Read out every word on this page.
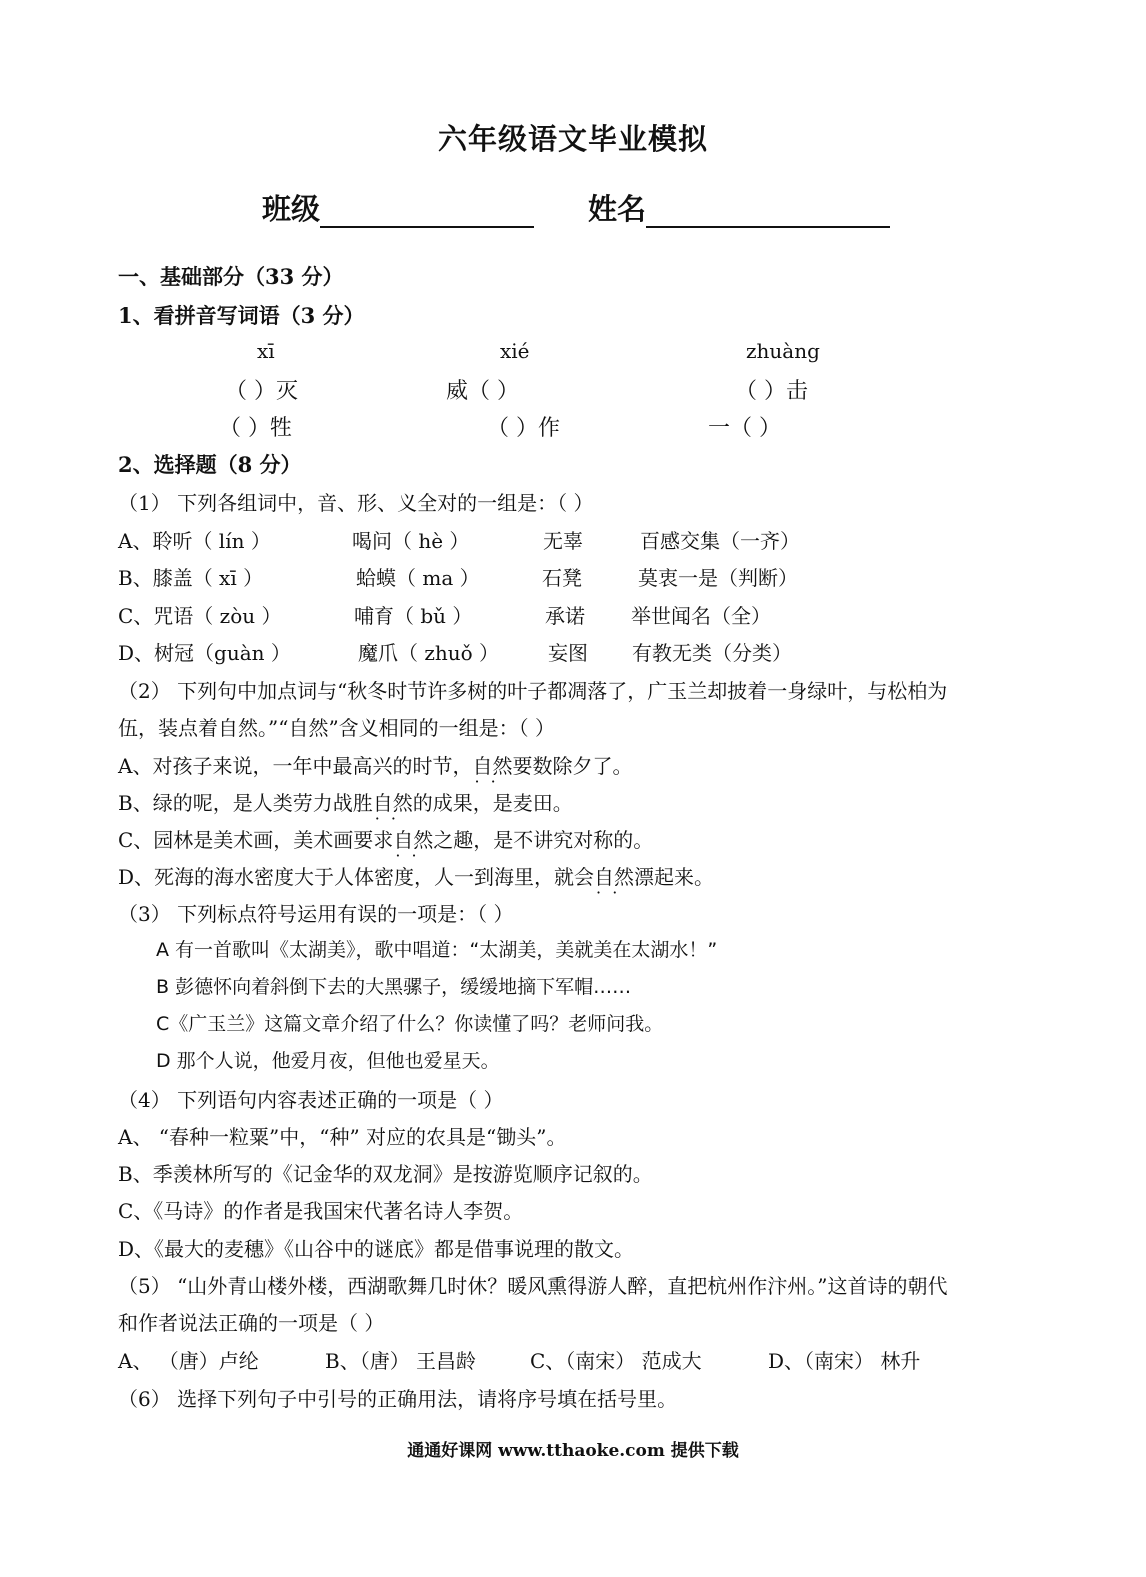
六年级语文毕业模拟
班级	姓名
一、基础部分（33 分）
1、看拼音写词语（3 分）
xī	xié	zhuàng
（ ）灭	威（ ）	（ ）击
（ ）牲	（ ）作	一（ ）
2、选择题（8 分）
（1） 下列各组词中，音、形、义全对的一组是：（ ）
A、聆听（ lín ）	喝问（ hè ）	无辜	百感交集（一齐）
B、膝盖（ xī ）	蛤蟆（ ma ）	石凳	莫衷一是（判断）
C、咒语（ zòu ）	哺育（ bǔ ）	承诺 举世闻名（全）
D、树冠（guàn ）	魔爪（ zhuǒ ） 妄图 有教无类（分类）
（2） 下列句中加点词与“秋冬时节许多树的叶子都凋落了，广玉兰却披着一身绿叶，与松柏为
伍，装点着自然。”“自然”含义相同的一组是：（ ）
A、对孩子来说，一年中最高兴的时节，自然 · ·要数除夕了。
B、绿的呢，是人类劳力战胜自然 · ·的成果，是麦田。
C、园林是美术画，美术画要求自然 · ·之趣，是不讲究对称的。
D、死海的海水密度大于人体密度，人一到海里，就会自然 · ·漂起来。
（3） 下列标点符号运用有误的一项是：（ ）
A 有一首歌叫《太湖美》，歌中唱道：“太湖美，美就美在太湖水！”
B 彭德怀向着斜倒下去的大黑骡子，缓缓地摘下军帽……
C《广玉兰》这篇文章介绍了什么？你读懂了吗？老师问我。
D 那个人说，他爱月夜，但他也爱星天。
（4） 下列语句内容表述正确的一项是（ ）
A、 “春种一粒粟”中，“种” 对应的农具是“锄头”。
B、季羡林所写的《记金华的双龙洞》是按游览顺序记叙的。
C、《马诗》的作者是我国宋代著名诗人李贺。
D、《最大的麦穗》《山谷中的谜底》都是借事说理的散文。
（5） “山外青山楼外楼，西湖歌舞几时休？暖风熏得游人醉，直把杭州作汴州。”这首诗的朝代
和作者说法正确的一项是（ ）
A、 （唐）卢纶	B、（唐） 王昌龄	C、（南宋） 范成大	D、（南宋） 林升
（6） 选择下列句子中引号的正确用法，请将序号填在括号里。
通通好课网 www.tthaoke.com 提供下载
